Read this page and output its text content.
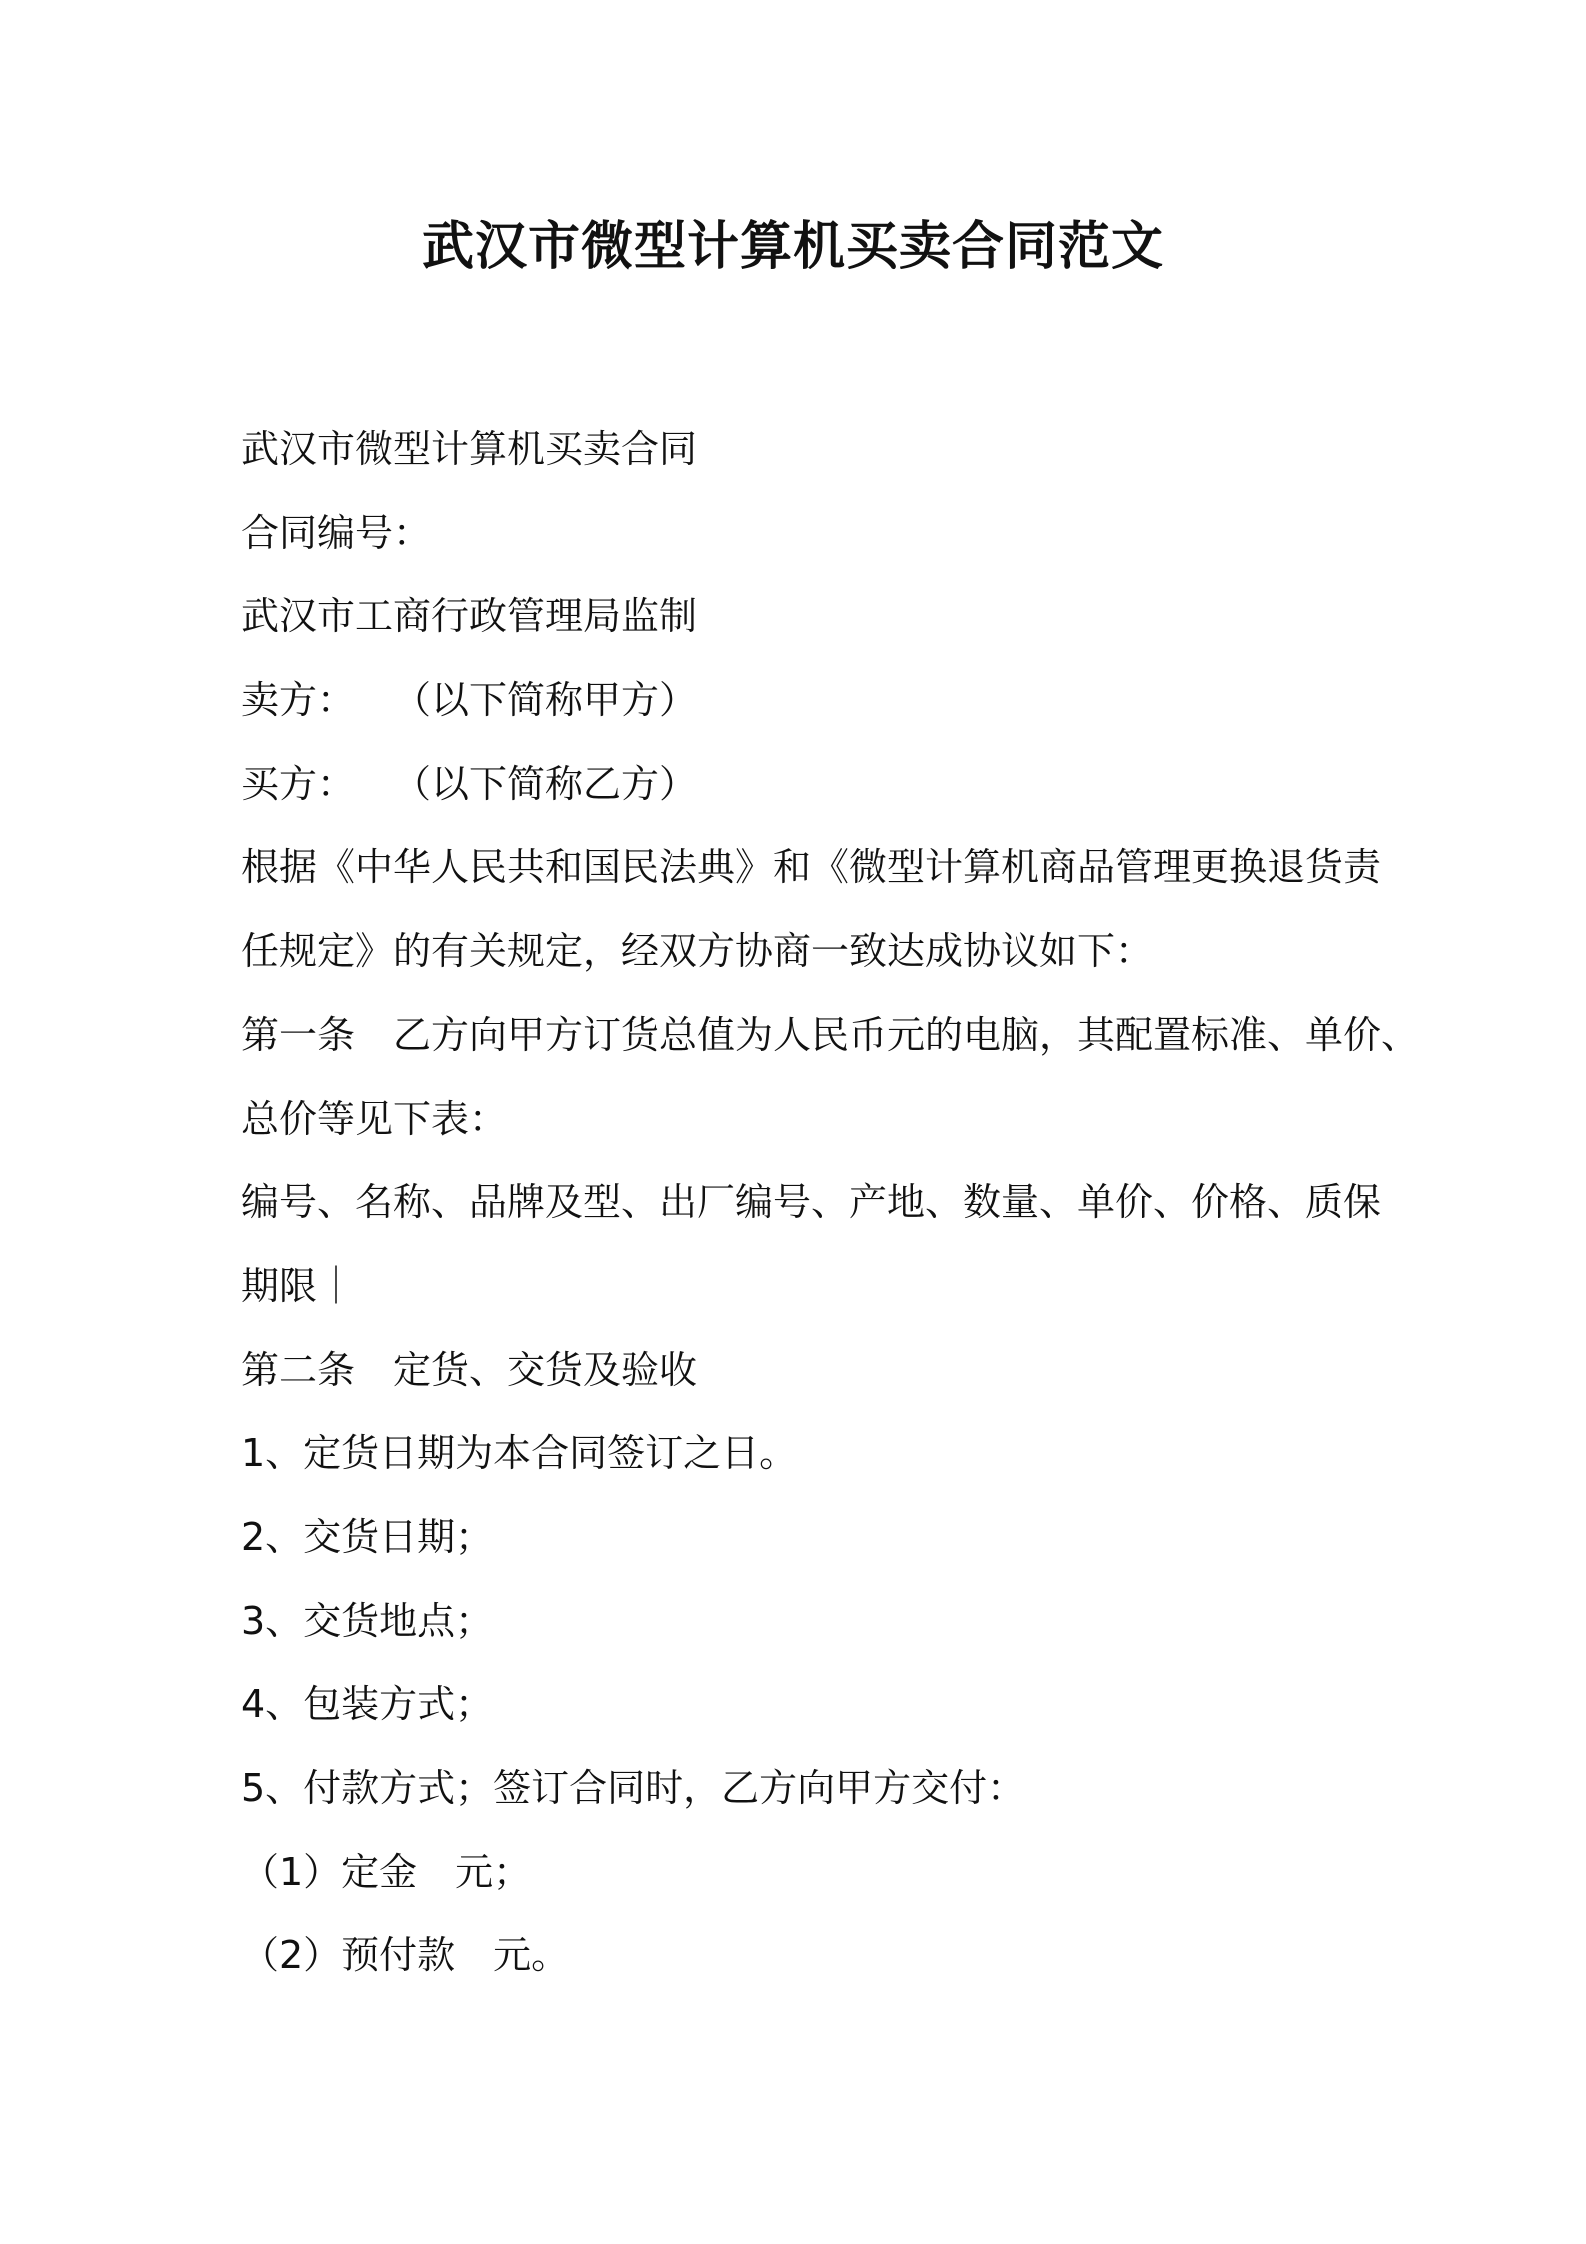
武汉市微型计算机买卖合同范文

武汉市微型计算机买卖合同

合同编号：

武汉市工商行政管理局监制

卖方：　　（以下简称甲方）

买方：　　（以下简称乙方）

根据《中华人民共和国民法典》和《微型计算机商品管理更换退货责

任规定》的有关规定，经双方协商一致达成协议如下：

第一条　乙方向甲方订货总值为人民币元的电脑，其配置标准、单价、

总价等见下表：

编号、名称、品牌及型、出厂编号、产地、数量、单价、价格、质保

期限｜

第二条　定货、交货及验收

1、定货日期为本合同签订之日。

2、交货日期；

3、交货地点；

4、包装方式；

5、付款方式；签订合同时，乙方向甲方交付：

（1）定金　元；

（2）预付款　元。
